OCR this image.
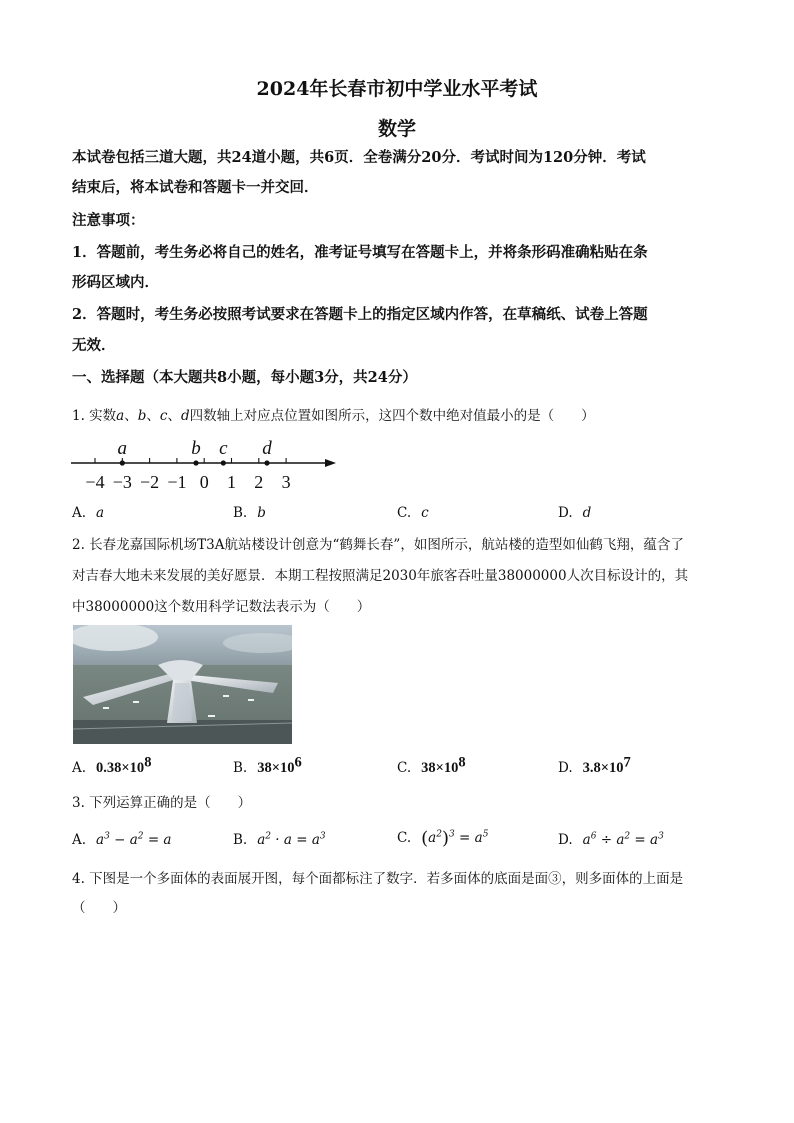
2024年长春市初中学业水平考试
数学
本试卷包括三道大题，共24道小题，共6页．全卷满分20分．考试时间为120分钟．考试
结束后，将本试卷和答题卡一并交回．
注意事项：
1．答题前，考生务必将自己的姓名，准考证号填写在答题卡上，并将条形码准确粘贴在条
形码区域内．
2．答题时，考生务必按照考试要求在答题卡上的指定区域内作答，在草稿纸、试卷上答题
无效．
一、选择题（本大题共8小题，每小题3分，共24分）
1. 实数a、b、c、d四数轴上对应点位置如图所示，这四个数中绝对值最小的是（　　）
−4 −3 −2 −1 0 1 2 3
a	b c d
A. a	B. b	C. c	D. d
2. 长春龙嘉国际机场T3A航站楼设计创意为“鹤舞长春”，如图所示，航站楼的造型如仙鹤飞翔，蕴含了
对吉春大地未来发展的美好愿景．本期工程按照满足2030年旅客吞吐量38000000人次目标设计的，其
中38000000这个数用科学记数法表示为（　　）
A. $0.38\times 10^8$	B. $38\times 10^6$	C. $38\times 10^8$	D. $3.8\times 10^7$
3. 下列运算正确的是（　　）
A. $a^3 - a^2 = a$	B. $a^2 \cdot a = a^3$	C. $(a^2)^3 = a^5$	D. $a^6 \div a^2 = a^3$
4. 下图是一个多面体的表面展开图，每个面都标注了数字．若多面体的底面是面③，则多面体的上面是
（　　）
